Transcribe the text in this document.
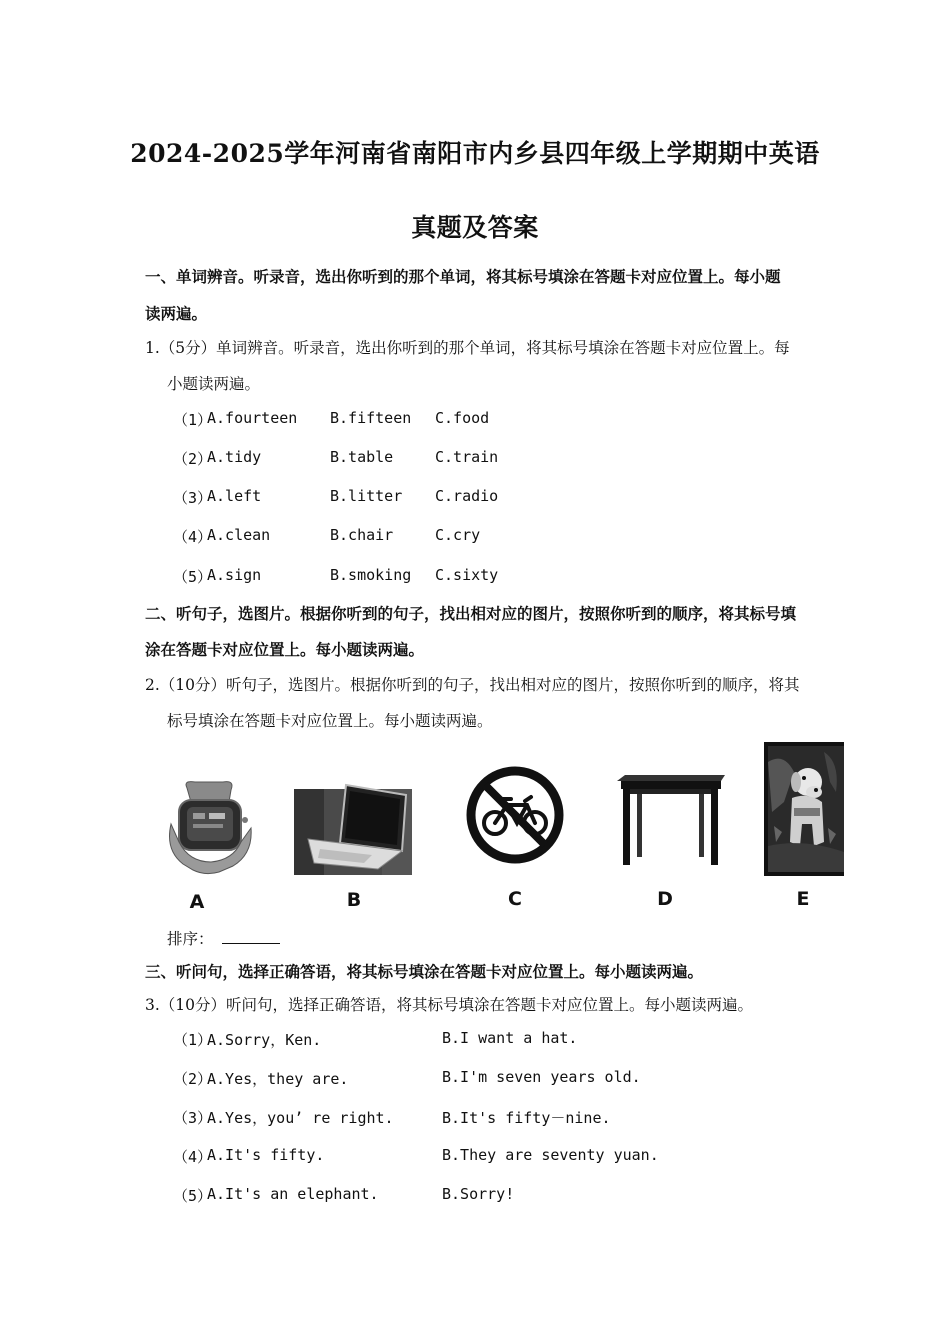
2024-2025学年河南省南阳市内乡县四年级上学期期中英语
真题及答案
一、单词辨音。听录音，选出你听到的那个单词，将其标号填涂在答题卡对应位置上。每小题
读两遍。
1.（5分）单词辨音。听录音，选出你听到的那个单词，将其标号填涂在答题卡对应位置上。每
小题读两遍。
（1）
A.fourteen B.fifteen C.food
（2）
A.tidy	B.table	C.train
（3）
A.left	B.litter C.radio
（4）
A.clean	B.chair	C.cry
（5）
A.sign	B.smoking C.sixty
二、听句子，选图片。根据你听到的句子，找出相对应的图片，按照你听到的顺序，将其标号填
涂在答题卡对应位置上。每小题读两遍。
2.（10分）听句子，选图片。根据你听到的句子，找出相对应的图片，按照你听到的顺序，将其
标号填涂在答题卡对应位置上。每小题读两遍。
A	B	C	D	E
排序：
三、听问句，选择正确答语，将其标号填涂在答题卡对应位置上。每小题读两遍。
3.（10分）听问句，选择正确答语，将其标号填涂在答题卡对应位置上。每小题读两遍。
（1）
A.Sorry，Ken.	B.I want a hat.
（2）
A.Yes，they are.	B.I'm seven years old.
（3）
A.Yes，you’ re right.	B.It's fifty－nine.
（4）
A.It's fifty.	B.They are seventy yuan.
（5）
A.It's an elephant.	B.Sorry!
